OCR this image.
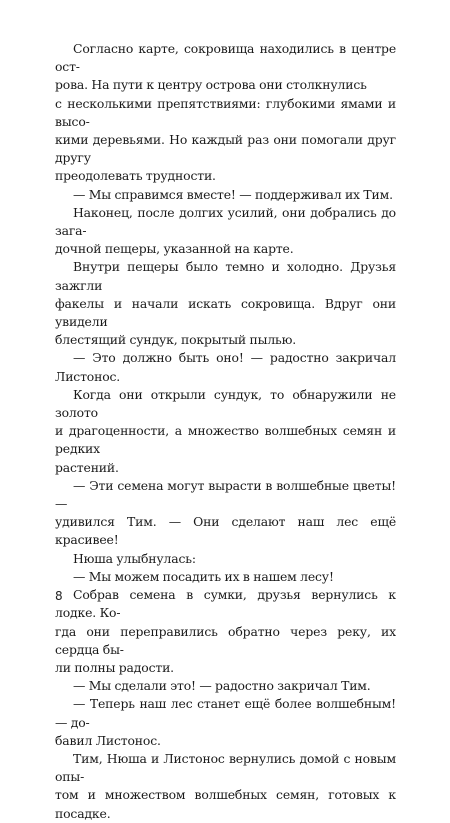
Согласно карте, сокровища находились в центре ост-
рова. На пути к центру острова они столкнулись
с несколькими препятствиями: глубокими ямами и высо-
кими деревьями. Но каждый раз они помогали друг другу
преодолевать трудности.

— Мы справимся вместе! — поддерживал их Тим.

Наконец, после долгих усилий, они добрались до загa-
дочной пещеры, указанной на карте.

Внутри пещеры было темно и холодно. Друзья зажгли
факелы и начали искать сокровища. Вдруг они увидели
блестящий сундук, покрытый пылью.

— Это должно быть оно! — радостно закричал Листонос.

Когда они открыли сундук, то обнаружили не золото
и драгоценности, а множество волшебных семян и редких
растений.

— Эти семена могут вырасти в волшебные цветы! —
удивился Тим. — Они сделают наш лес ещё красивее!

Нюша улыбнулась:

— Мы можем посадить их в нашем лесу!

Собрав семена в сумки, друзья вернулись к лодке. Ко-
гда они переправились обратно через реку, их сердца бы-
ли полны радости.

— Мы сделали это! — радостно закричал Тим.

— Теперь наш лес станет ещё более волшебным! — до-
бавил Листонос.

Тим, Нюша и Листонос вернулись домой с новым опы-
том и множеством волшебных семян, готовых к посадке.

8
